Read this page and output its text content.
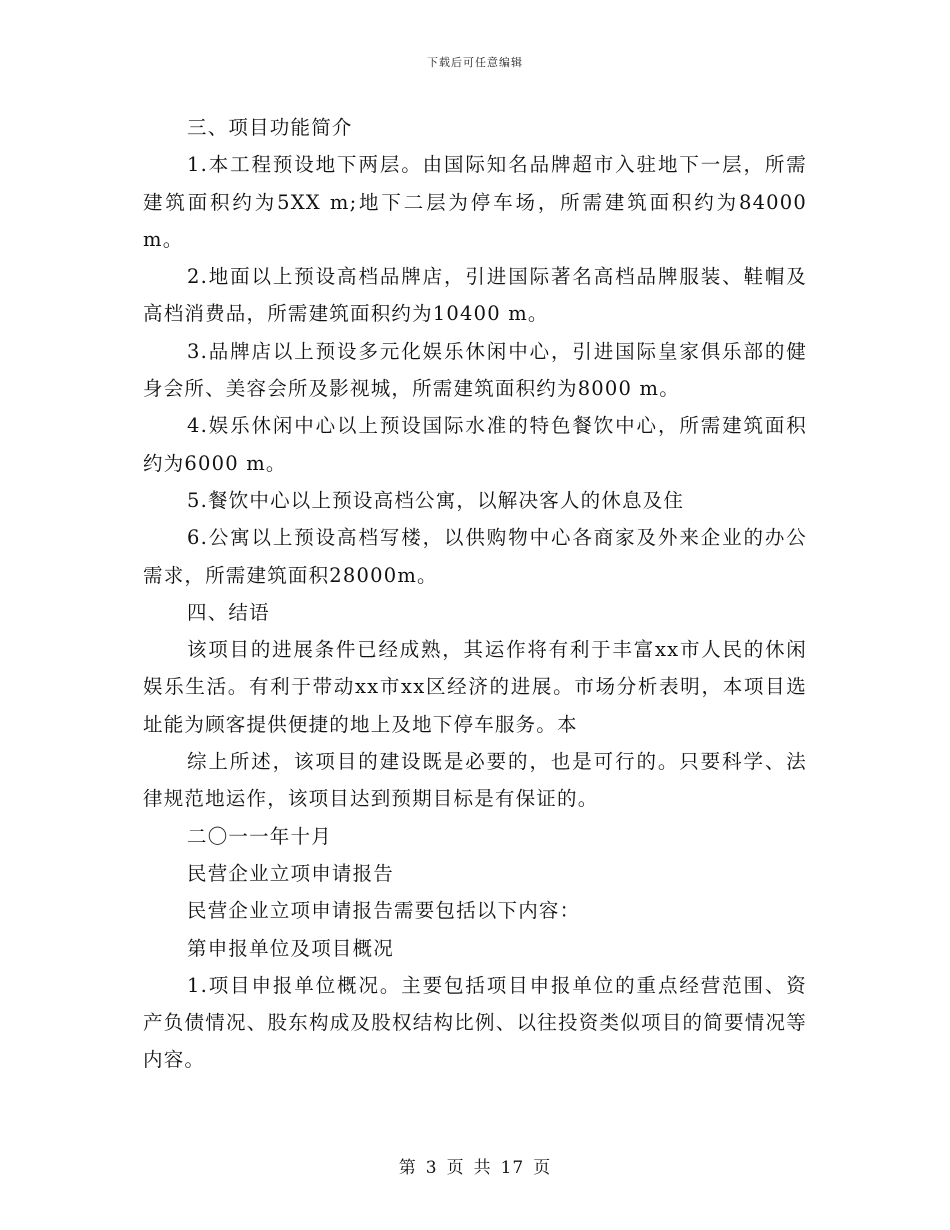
下载后可任意编辑

三、项目功能简介

1.本工程预设地下两层。由国际知名品牌超市入驻地下一层，所需建筑面积约为5XX m;地下二层为停车场，所需建筑面积约为84000 m。

2.地面以上预设高档品牌店，引进国际著名高档品牌服装、鞋帽及高档消费品，所需建筑面积约为10400 m。

3.品牌店以上预设多元化娱乐休闲中心，引进国际皇家俱乐部的健身会所、美容会所及影视城，所需建筑面积约为8000 m。

4.娱乐休闲中心以上预设国际水准的特色餐饮中心，所需建筑面积约为6000 m。

5.餐饮中心以上预设高档公寓，以解决客人的休息及住

6.公寓以上预设高档写楼，以供购物中心各商家及外来企业的办公需求，所需建筑面积28000m。

四、结语

该项目的进展条件已经成熟，其运作将有利于丰富xx市人民的休闲娱乐生活。有利于带动xx市xx区经济的进展。市场分析表明，本项目选址能为顾客提供便捷的地上及地下停车服务。本

综上所述，该项目的建设既是必要的，也是可行的。只要科学、法律规范地运作，该项目达到预期目标是有保证的。

二〇一一年十月

民营企业立项申请报告

民营企业立项申请报告需要包括以下内容：

第申报单位及项目概况

1.项目申报单位概况。主要包括项目申报单位的重点经营范围、资产负债情况、股东构成及股权结构比例、以往投资类似项目的简要情况等内容。

第 3 页 共 17 页
